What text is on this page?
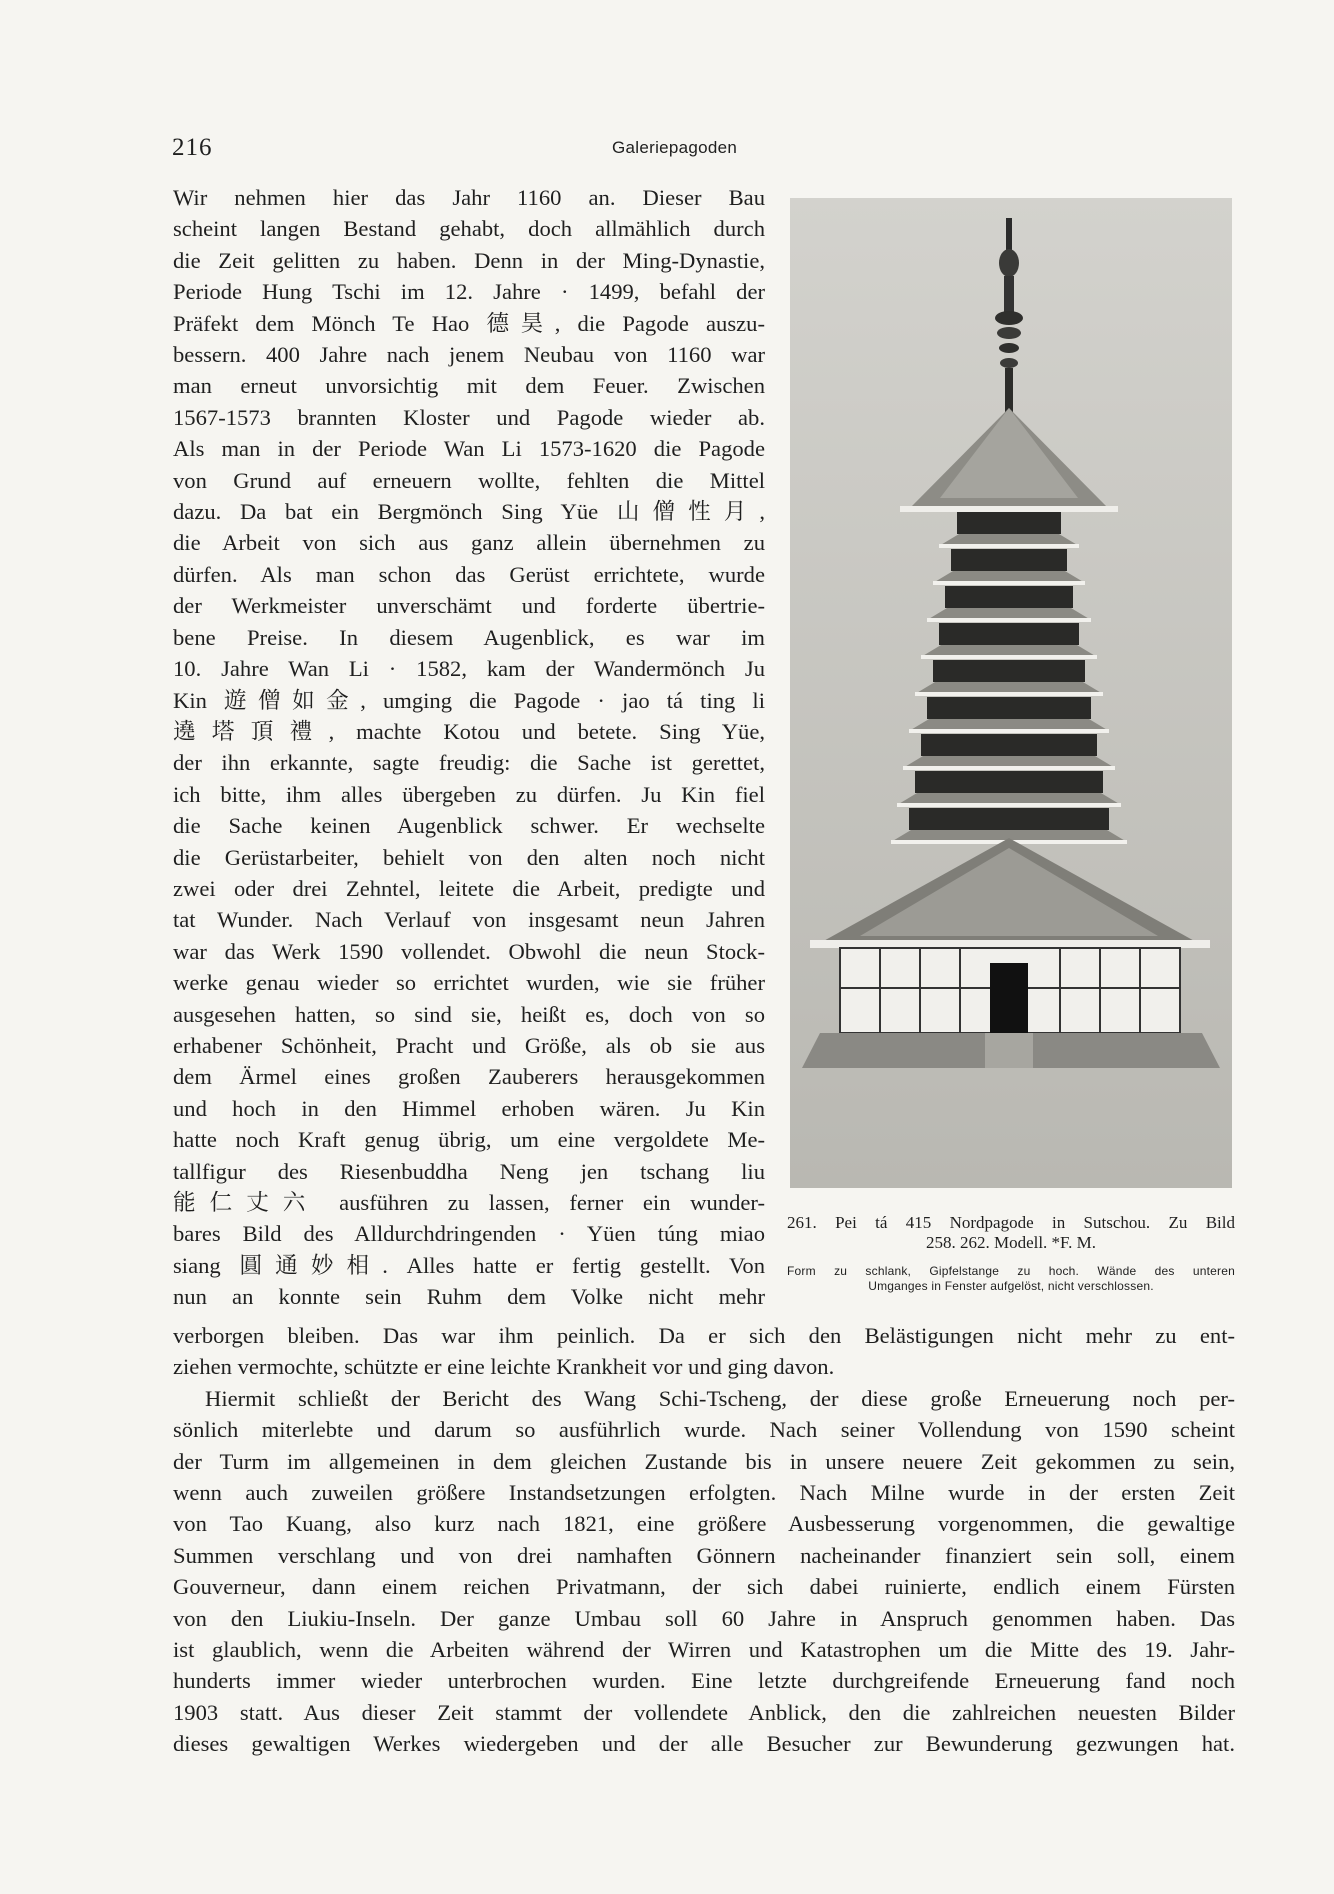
216	Galeriepagoden

Wir nehmen hier das Jahr 1160 an. Dieser Bau
scheint langen Bestand gehabt, doch allmählich durch
die Zeit gelitten zu haben. Denn in der Ming-Dynastie,
Periode Hung Tschi im 12. Jahre · 1499, befahl der
Präfekt dem Mönch Te Hao 德昊, die Pagode auszu-
bessern. 400 Jahre nach jenem Neubau von 1160 war
man erneut unvorsichtig mit dem Feuer. Zwischen
1567-1573 brannten Kloster und Pagode wieder ab.
Als man in der Periode Wan Li 1573-1620 die Pagode
von Grund auf erneuern wollte, fehlten die Mittel
dazu. Da bat ein Bergmönch Sing Yüe 山僧性月,
die Arbeit von sich aus ganz allein übernehmen zu
dürfen. Als man schon das Gerüst errichtete, wurde
der Werkmeister unverschämt und forderte übertrie-
bene Preise. In diesem Augenblick, es war im
10. Jahre Wan Li · 1582, kam der Wandermönch Ju
Kin 遊僧如金, umging die Pagode · jao tá ting li
遶塔頂禮, machte Kotou und betete. Sing Yüe,
der ihn erkannte, sagte freudig: die Sache ist gerettet,
ich bitte, ihm alles übergeben zu dürfen. Ju Kin fiel
die Sache keinen Augenblick schwer. Er wechselte
die Gerüstarbeiter, behielt von den alten noch nicht
zwei oder drei Zehntel, leitete die Arbeit, predigte und
tat Wunder. Nach Verlauf von insgesamt neun Jahren
war das Werk 1590 vollendet. Obwohl die neun Stock-
werke genau wieder so errichtet wurden, wie sie früher
ausgesehen hatten, so sind sie, heißt es, doch von so
erhabener Schönheit, Pracht und Größe, als ob sie aus
dem Ärmel eines großen Zauberers herausgekommen
und hoch in den Himmel erhoben wären. Ju Kin
hatte noch Kraft genug übrig, um eine vergoldete Me-
tallfigur des Riesenbuddha Neng jen tschang liu
能仁丈六 ausführen zu lassen, ferner ein wunder-
bares Bild des Alldurchdringenden · Yüen túng miao
siang 圓通妙相. Alles hatte er fertig gestellt. Von
nun an konnte sein Ruhm dem Volke nicht mehr

261. Pei tá 415 Nordpagode in Sutschou. Zu Bild
258. 262. Modell. *F. M.

Form zu schlank, Gipfelstange zu hoch. Wände des unteren
Umganges in Fenster aufgelöst, nicht verschlossen.

verborgen bleiben. Das war ihm peinlich. Da er sich den Belästigungen nicht mehr zu ent-
ziehen vermochte, schützte er eine leichte Krankheit vor und ging davon.
Hiermit schließt der Bericht des Wang Schi-Tscheng, der diese große Erneuerung noch per-
sönlich miterlebte und darum so ausführlich wurde. Nach seiner Vollendung von 1590 scheint
der Turm im allgemeinen in dem gleichen Zustande bis in unsere neuere Zeit gekommen zu sein,
wenn auch zuweilen größere Instandsetzungen erfolgten. Nach Milne wurde in der ersten Zeit
von Tao Kuang, also kurz nach 1821, eine größere Ausbesserung vorgenommen, die gewaltige
Summen verschlang und von drei namhaften Gönnern nacheinander finanziert sein soll, einem
Gouverneur, dann einem reichen Privatmann, der sich dabei ruinierte, endlich einem Fürsten
von den Liukiu-Inseln. Der ganze Umbau soll 60 Jahre in Anspruch genommen haben. Das
ist glaublich, wenn die Arbeiten während der Wirren und Katastrophen um die Mitte des 19. Jahr-
hunderts immer wieder unterbrochen wurden. Eine letzte durchgreifende Erneuerung fand noch
1903 statt. Aus dieser Zeit stammt der vollendete Anblick, den die zahlreichen neuesten Bilder
dieses gewaltigen Werkes wiedergeben und der alle Besucher zur Bewunderung gezwungen hat.
